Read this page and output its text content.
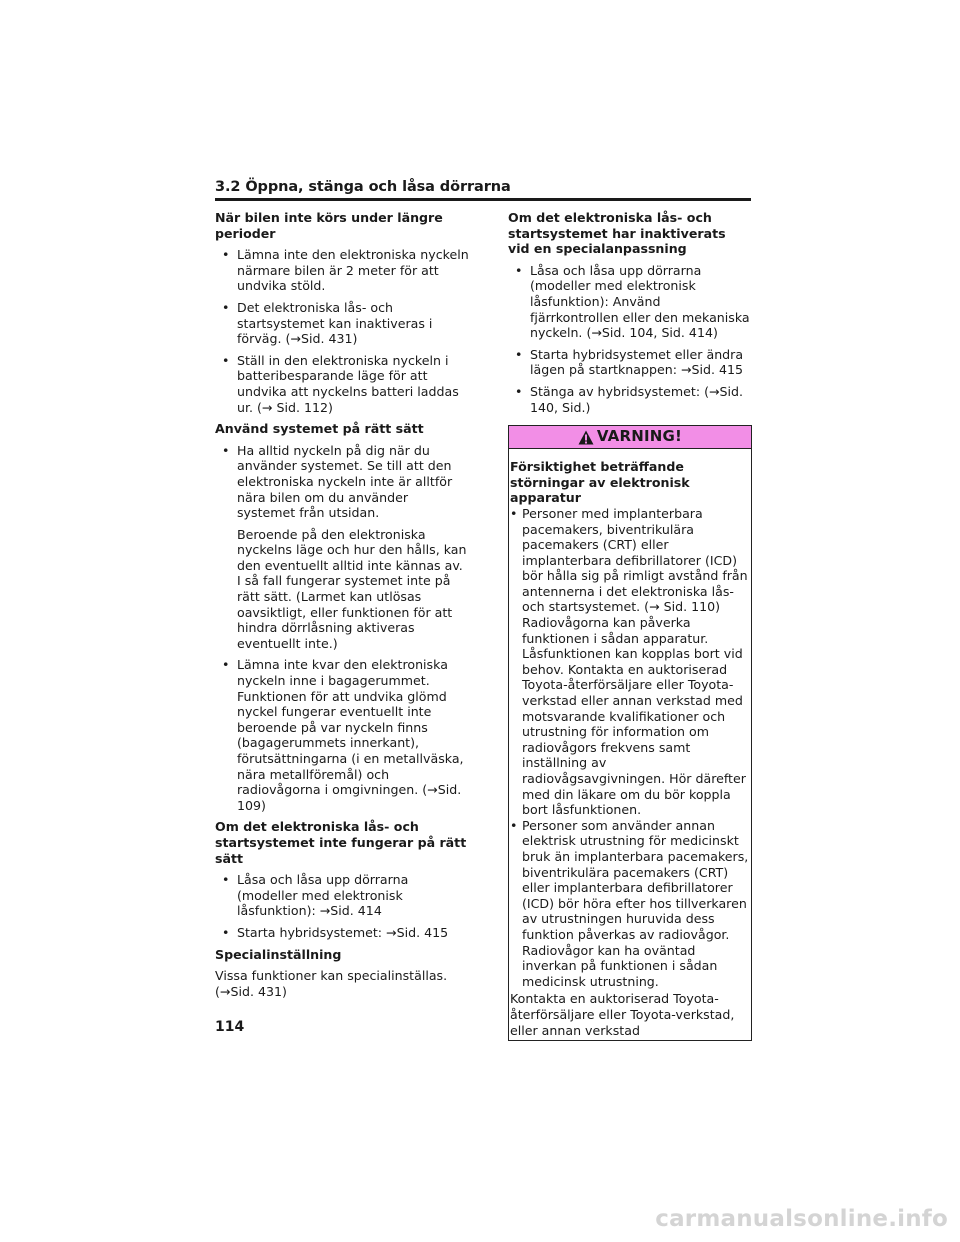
3.2 Öppna, stänga och låsa dörrarna
När bilen inte körs under längre perioder
• Lämna inte den elektroniska nyckeln närmare bilen är 2 meter för att undvika stöld.
• Det elektroniska lås- och startsystemet kan inaktiveras i förväg. (→Sid. 431)
• Ställ in den elektroniska nyckeln i batteribesparande läge för att undvika att nyckelns batteri laddas ur. (→ Sid. 112)
Använd systemet på rätt sätt
• Ha alltid nyckeln på dig när du använder systemet. Se till att den elektroniska nyckeln inte är alltför nära bilen om du använder systemet från utsidan.
Beroende på den elektroniska nyckelns läge och hur den hålls, kan den eventuellt alltid inte kännas av. I så fall fungerar systemet inte på rätt sätt. (Larmet kan utlösas oavsiktligt, eller funktionen för att hindra dörrlåsning aktiveras eventuellt inte.)
• Lämna inte kvar den elektroniska nyckeln inne i bagagerummet. Funktionen för att undvika glömd nyckel fungerar eventuellt inte beroende på var nyckeln finns (bagagerummets innerkant), förutsättningarna (i en metallväska, nära metallföremål) och radiovågorna i omgivningen. (→Sid. 109)
Om det elektroniska lås- och startsystemet inte fungerar på rätt sätt
• Låsa och låsa upp dörrarna (modeller med elektronisk låsfunktion): →Sid. 414
• Starta hybridsystemet: →Sid. 415
Specialinställning
Vissa funktioner kan specialinställas. (→Sid. 431)
Om det elektroniska lås- och startsystemet har inaktiverats vid en specialanpassning
• Låsa och låsa upp dörrarna (modeller med elektronisk låsfunktion): Använd fjärrkontrollen eller den mekaniska nyckeln. (→Sid. 104, Sid. 414)
• Starta hybridsystemet eller ändra lägen på startknappen: →Sid. 415
• Stänga av hybridsystemet: (→Sid. 140, Sid.)
VARNING!
Försiktighet beträffande störningar av elektronisk apparatur
• Personer med implanterbara pacemakers, biventrikulära pacemakers (CRT) eller implanterbara defibrillatorer (ICD) bör hålla sig på rimligt avstånd från antennerna i det elektroniska lås- och startsystemet. (→ Sid. 110) Radiovågorna kan påverka funktionen i sådan apparatur. Låsfunktionen kan kopplas bort vid behov. Kontakta en auktoriserad Toyota-återförsäljare eller Toyota-verkstad eller annan verkstad med motsvarande kvalifikationer och utrustning för information om radiovågors frekvens samt inställning av radiovågsavgivningen. Hör därefter med din läkare om du bör koppla bort låsfunktionen.
• Personer som använder annan elektrisk utrustning för medicinskt bruk än implanterbara pacemakers, biventrikulära pacemakers (CRT) eller implanterbara defibrillatorer (ICD) bör höra efter hos tillverkaren av utrustningen huruvida dess funktion påverkas av radiovågor. Radiovågor kan ha oväntad inverkan på funktionen i sådan medicinsk utrustning.
Kontakta en auktoriserad Toyota-återförsäljare eller Toyota-verkstad, eller annan verkstad
114
carmanualsonline.info
